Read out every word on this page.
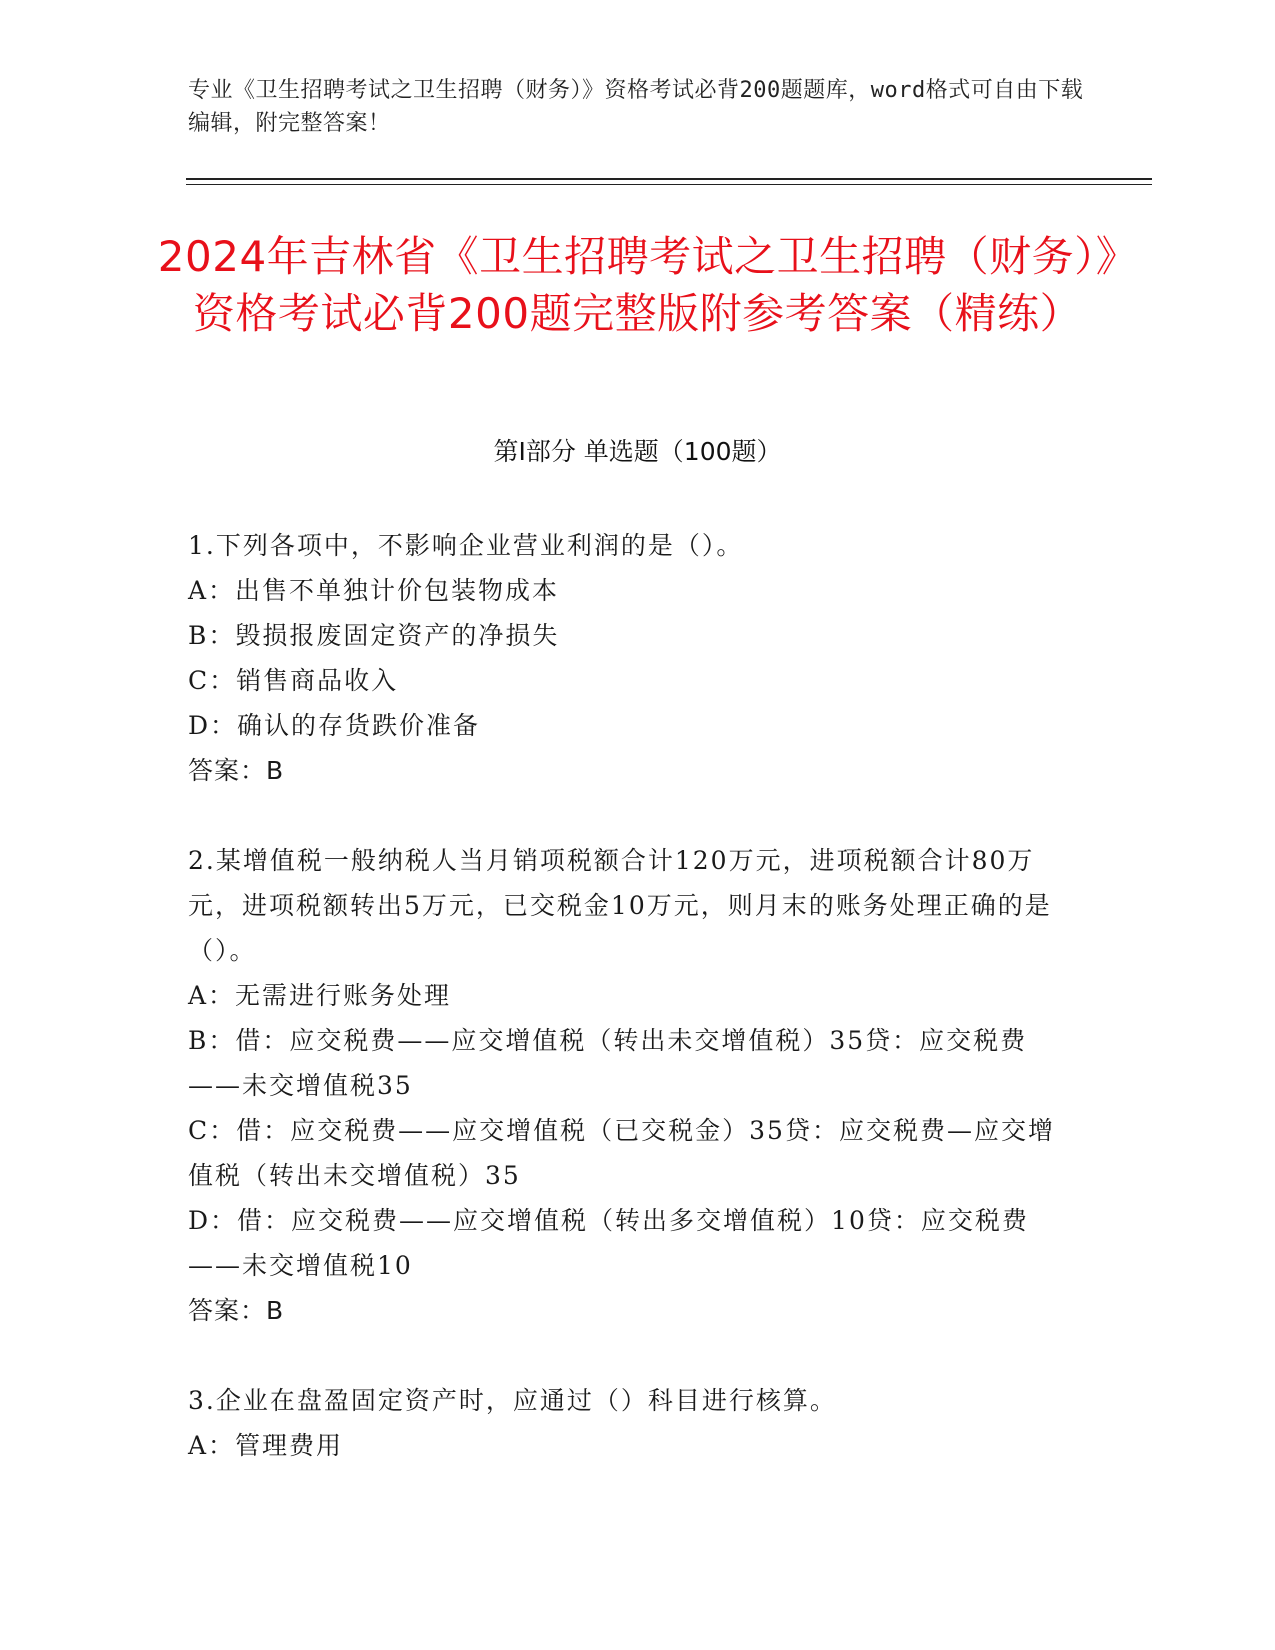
专业《卫生招聘考试之卫生招聘（财务）》资格考试必背200题题库，word格式可自由下载编辑，附完整答案！
2024年吉林省《卫生招聘考试之卫生招聘（财务）》资格考试必背200题完整版附参考答案（精练）
第I部分 单选题（100题）

1.下列各项中，不影响企业营业利润的是（）。

A：出售不单独计价包装物成本

B：毁损报废固定资产的净损失

C：销售商品收入

D：确认的存货跌价准备

答案：B

2.某增值税一般纳税人当月销项税额合计120万元，进项税额合计80万元，进项税额转出5万元，已交税金10万元，则月末的账务处理正确的是（）。

A：无需进行账务处理

B：借：应交税费——应交增值税（转出未交增值税）35贷：应交税费——未交增值税35

C：借：应交税费——应交增值税（已交税金）35贷：应交税费—应交增值税（转出未交增值税）35

D：借：应交税费——应交增值税（转出多交增值税）10贷：应交税费——未交增值税10

答案：B

3.企业在盘盈固定资产时，应通过（）科目进行核算。

A：管理费用
